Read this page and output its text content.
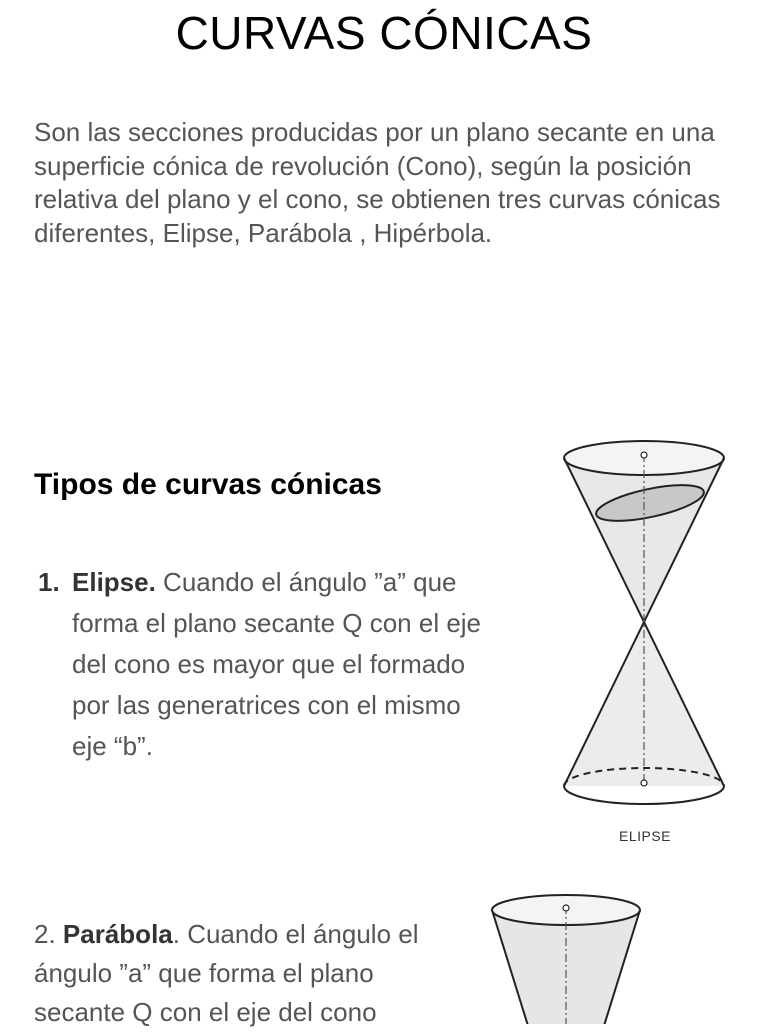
CURVAS CÓNICAS

Son las secciones producidas por un plano secante en una superficie cónica de revolución (Cono), según la posición relativa del plano y el cono, se obtienen tres curvas cónicas diferentes, Elipse, Parábola , Hipérbola.

Tipos de curvas cónicas
1. Elipse. Cuando el ángulo ”a” que forma el plano secante Q con el eje del cono es mayor que el formado por las generatrices con el mismo eje “b”.
ELIPSE
2. Parábola. Cuando el ángulo el ángulo ”a” que forma el plano secante Q con el eje del cono
